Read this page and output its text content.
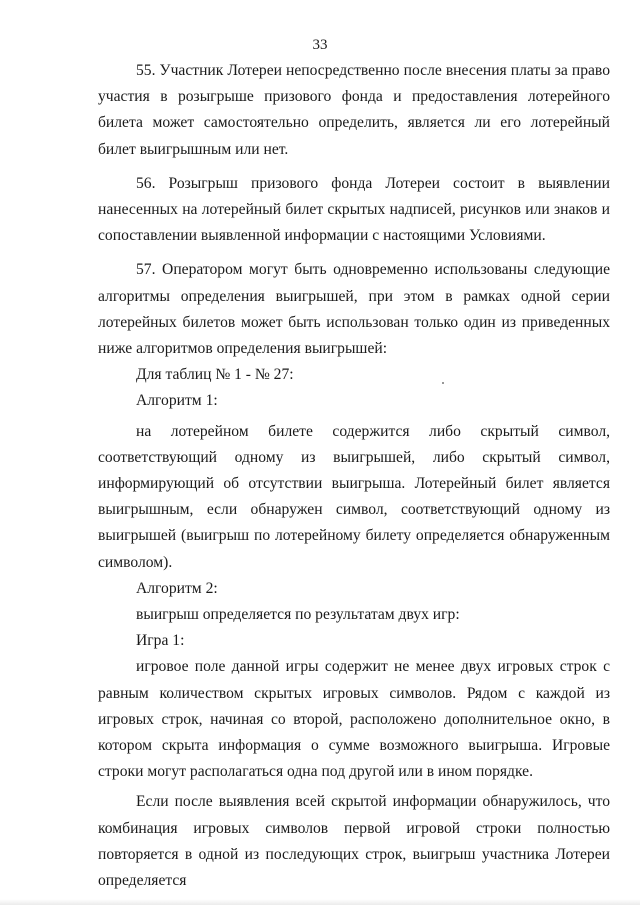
33

55. Участник Лотереи непосредственно после внесения платы за право участия в розыгрыше призового фонда и предоставления лотерейного билета может самостоятельно определить, является ли его лотерейный билет выигрышным или нет.

56. Розыгрыш призового фонда Лотереи состоит в выявлении нанесенных на лотерейный билет скрытых надписей, рисунков или знаков и сопоставлении выявленной информации с настоящими Условиями.

57. Оператором могут быть одновременно использованы следующие алгоритмы определения выигрышей, при этом в рамках одной серии лотерейных билетов может быть использован только один из приведенных ниже алгоритмов определения выигрышей:

Для таблиц № 1 - № 27:

Алгоритм 1:

на лотерейном билете содержится либо скрытый символ, соответствующий одному из выигрышей, либо скрытый символ, информирующий об отсутствии выигрыша. Лотерейный билет является выигрышным, если обнаружен символ, соответствующий одному из выигрышей (выигрыш по лотерейному билету определяется обнаруженным символом).

Алгоритм 2:

выигрыш определяется по результатам двух игр:

Игра 1:

игровое поле данной игры содержит не менее двух игровых строк с равным количеством скрытых игровых символов. Рядом с каждой из игровых строк, начиная со второй, расположено дополнительное окно, в котором скрыта информация о сумме возможного выигрыша. Игровые строки могут располагаться одна под другой или в ином порядке.

Если после выявления всей скрытой информации обнаружилось, что комбинация игровых символов первой игровой строки полностью повторяется в одной из последующих строк, выигрыш участника Лотереи определяется
